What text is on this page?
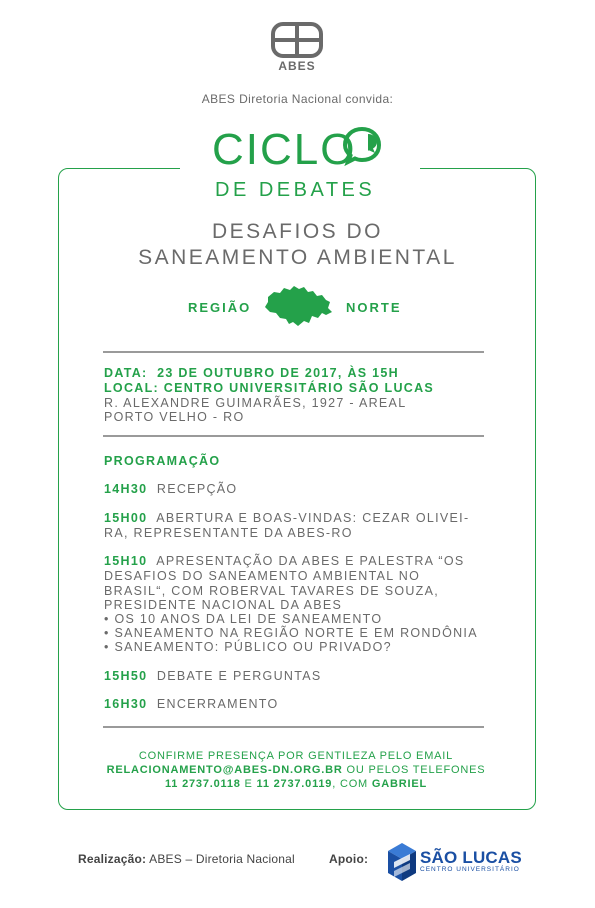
ABES
ABES Diretoria Nacional convida:
CICLO
DE DEBATES
DESAFIOS DO
SANEAMENTO AMBIENTAL
REGIÃO	NORTE
DATA: 23 DE OUTUBRO DE 2017, ÀS 15H
LOCAL: CENTRO UNIVERSITÁRIO SÃO LUCAS
R. ALEXANDRE GUIMARÃES, 1927 - AREAL
PORTO VELHO - RO
PROGRAMAÇÃO
14H30 RECEPÇÃO
15H00 ABERTURA E BOAS-VINDAS: CEZAR OLIVEI-
RA, REPRESENTANTE DA ABES-RO
15H10 APRESENTAÇÃO DA ABES E PALESTRA “OS
DESAFIOS DO SANEAMENTO AMBIENTAL NO
BRASIL“, COM ROBERVAL TAVARES DE SOUZA,
PRESIDENTE NACIONAL DA ABES
• OS 10 ANOS DA LEI DE SANEAMENTO
• SANEAMENTO NA REGIÃO NORTE E EM RONDÔNIA
• SANEAMENTO: PÚBLICO OU PRIVADO?
15H50 DEBATE E PERGUNTAS
16H30 ENCERRAMENTO
CONFIRME PRESENÇA POR GENTILEZA PELO EMAIL
RELACIONAMENTO@ABES-DN.ORG.BR OU PELOS TELEFONES
11 2737.0118 E 11 2737.0119, COM GABRIEL
Realização: ABES – Diretoria Nacional	Apoio:	SÃO LUCAS
CENTRO UNIVERSITÁRIO
